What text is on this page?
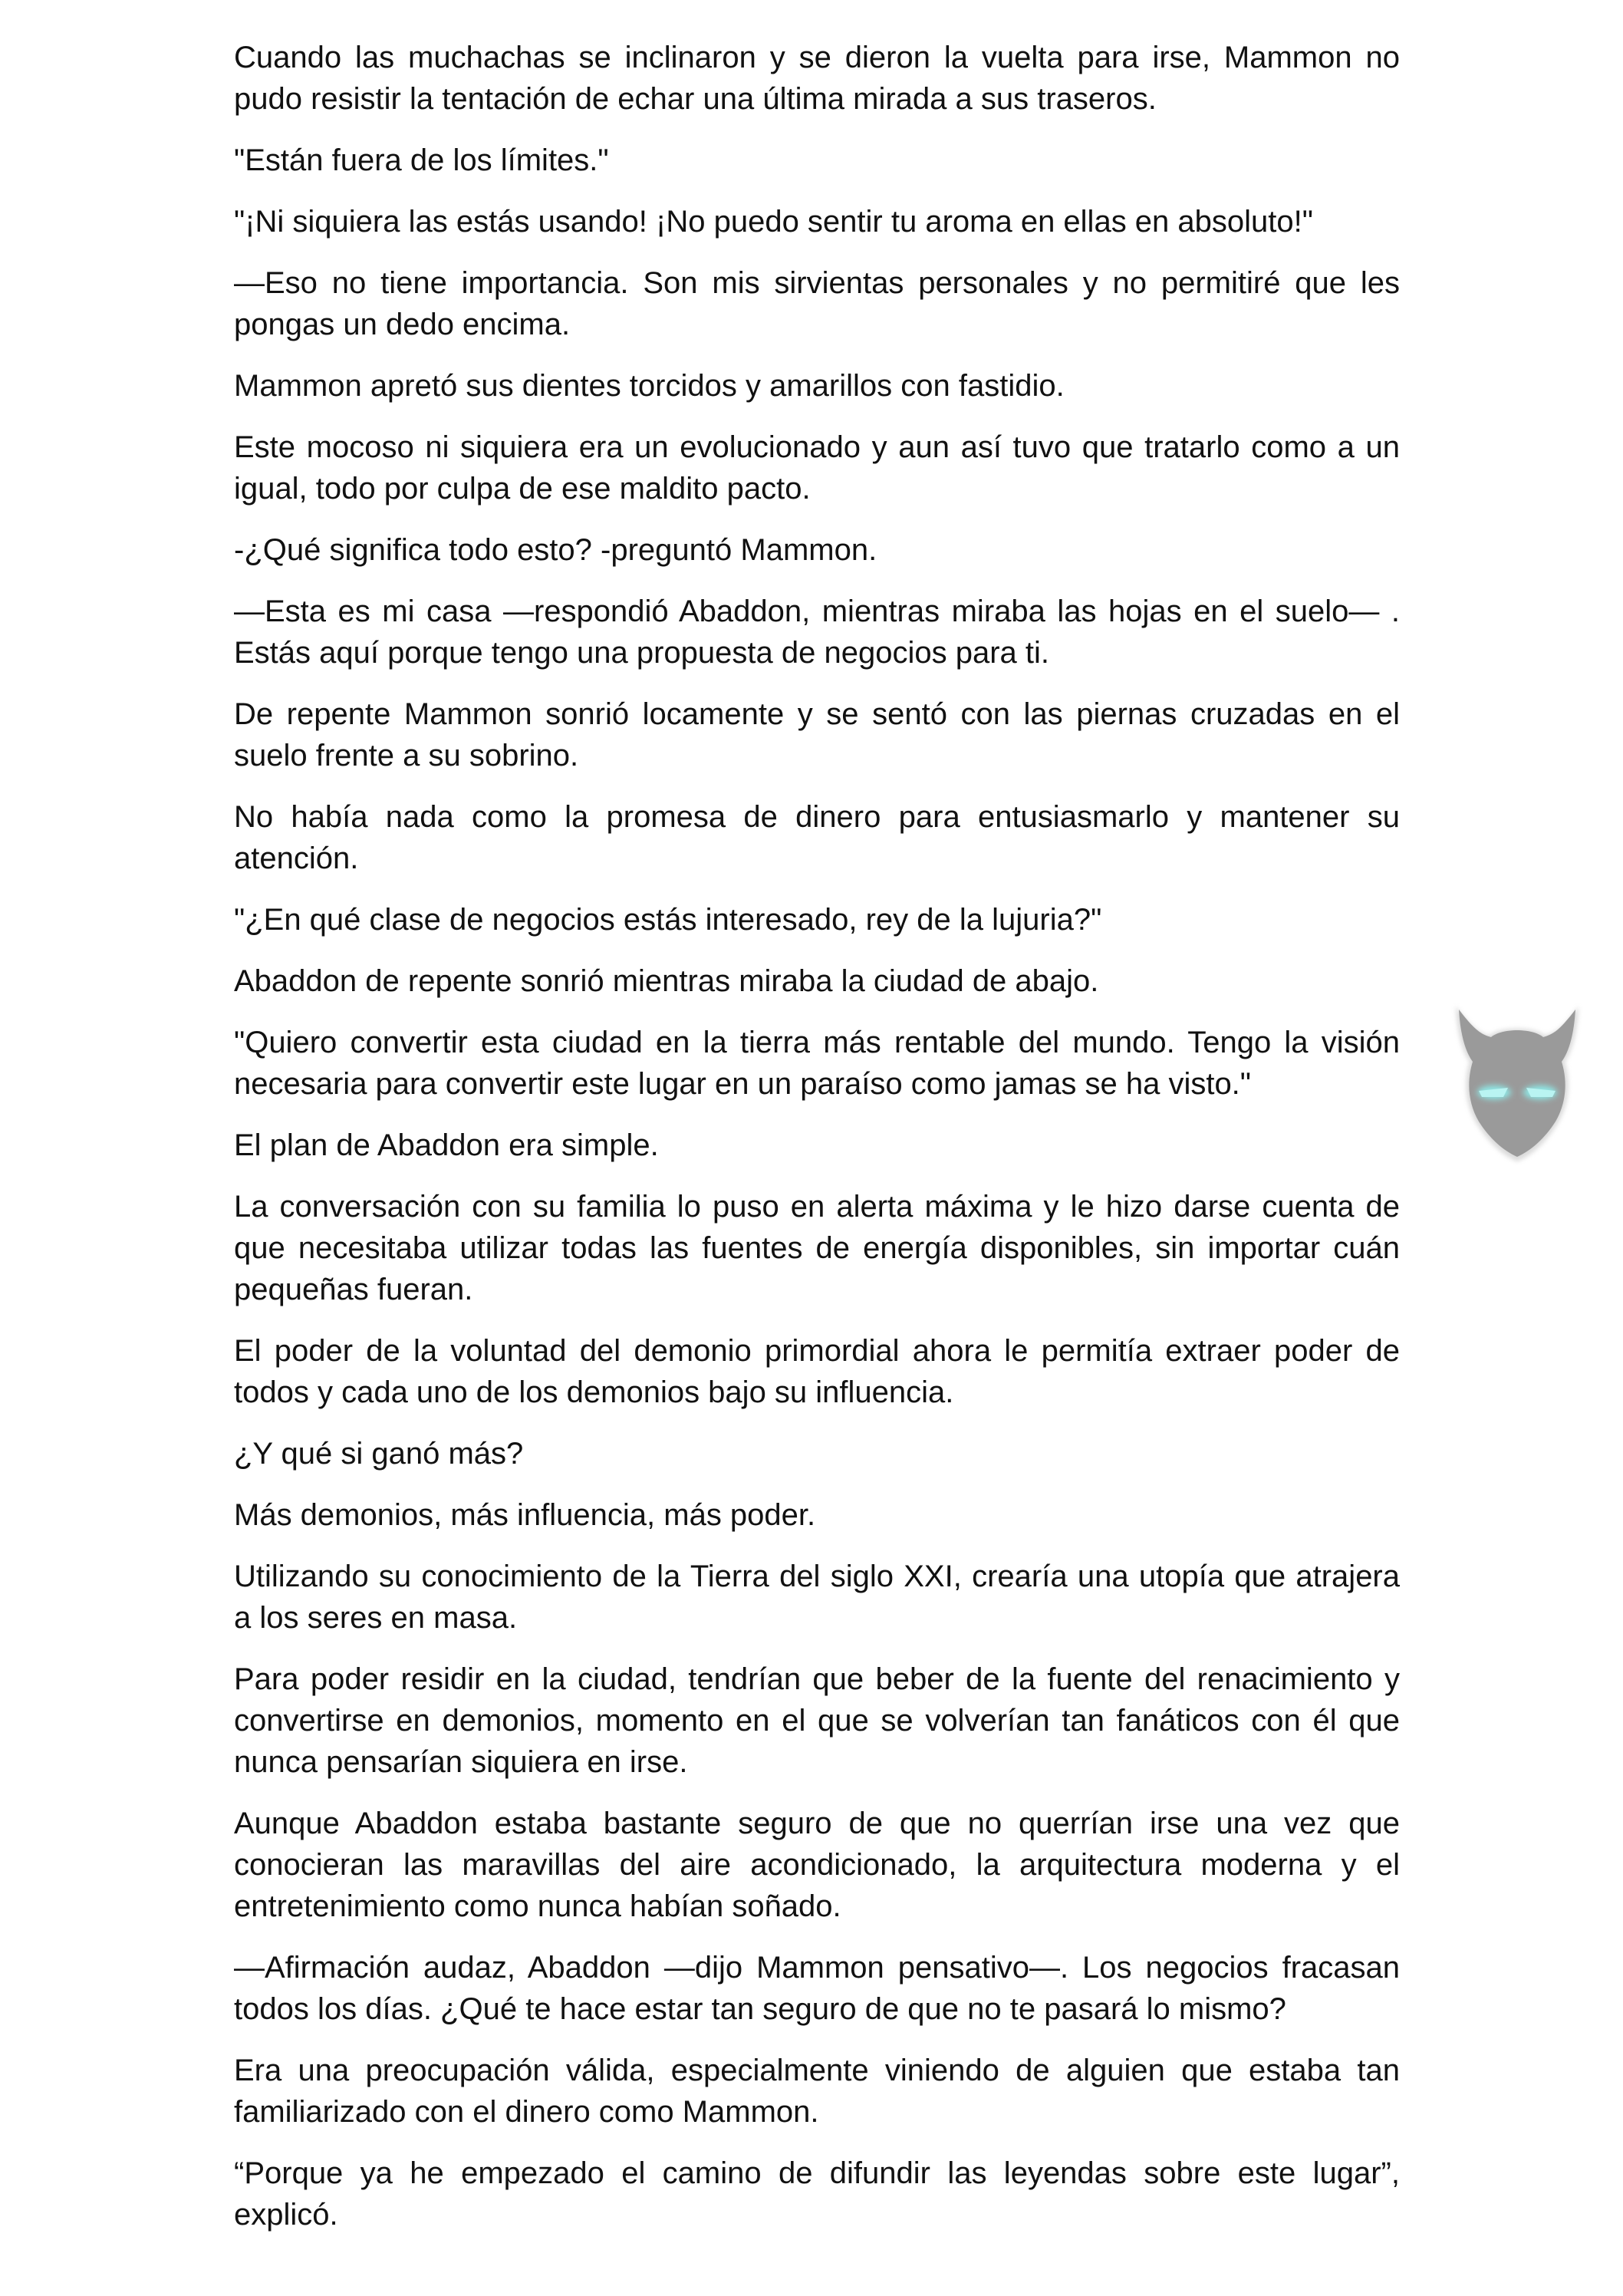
Cuando las muchachas se inclinaron y se dieron la vuelta para irse, Mammon no pudo resistir la tentación de echar una última mirada a sus traseros.

"Están fuera de los límites."

"¡Ni siquiera las estás usando! ¡No puedo sentir tu aroma en ellas en absoluto!"

—Eso no tiene importancia. Son mis sirvientas personales y no permitiré que les pongas un dedo encima.

Mammon apretó sus dientes torcidos y amarillos con fastidio.

Este mocoso ni siquiera era un evolucionado y aun así tuvo que tratarlo como a un igual, todo por culpa de ese maldito pacto.

-¿Qué significa todo esto? -preguntó Mammon.

—Esta es mi casa —respondió Abaddon, mientras miraba las hojas en el suelo— . Estás aquí porque tengo una propuesta de negocios para ti.

De repente Mammon sonrió locamente y se sentó con las piernas cruzadas en el suelo frente a su sobrino.

No había nada como la promesa de dinero para entusiasmarlo y mantener su atención.

"¿En qué clase de negocios estás interesado, rey de la lujuria?"

Abaddon de repente sonrió mientras miraba la ciudad de abajo.

"Quiero convertir esta ciudad en la tierra más rentable del mundo. Tengo la visión necesaria para convertir este lugar en un paraíso como jamas se ha visto."

El plan de Abaddon era simple.

La conversación con su familia lo puso en alerta máxima y le hizo darse cuenta de que necesitaba utilizar todas las fuentes de energía disponibles, sin importar cuán pequeñas fueran.

El poder de la voluntad del demonio primordial ahora le permitía extraer poder de todos y cada uno de los demonios bajo su influencia.

¿Y qué si ganó más?

Más demonios, más influencia, más poder.

Utilizando su conocimiento de la Tierra del siglo XXI, crearía una utopía que atrajera a los seres en masa.

Para poder residir en la ciudad, tendrían que beber de la fuente del renacimiento y convertirse en demonios, momento en el que se volverían tan fanáticos con él que nunca pensarían siquiera en irse.

Aunque Abaddon estaba bastante seguro de que no querrían irse una vez que conocieran las maravillas del aire acondicionado, la arquitectura moderna y el entretenimiento como nunca habían soñado.

—Afirmación audaz, Abaddon —dijo Mammon pensativo—. Los negocios fracasan todos los días. ¿Qué te hace estar tan seguro de que no te pasará lo mismo?

Era una preocupación válida, especialmente viniendo de alguien que estaba tan familiarizado con el dinero como Mammon.

“Porque ya he empezado el camino de difundir las leyendas sobre este lugar”, explicó.
